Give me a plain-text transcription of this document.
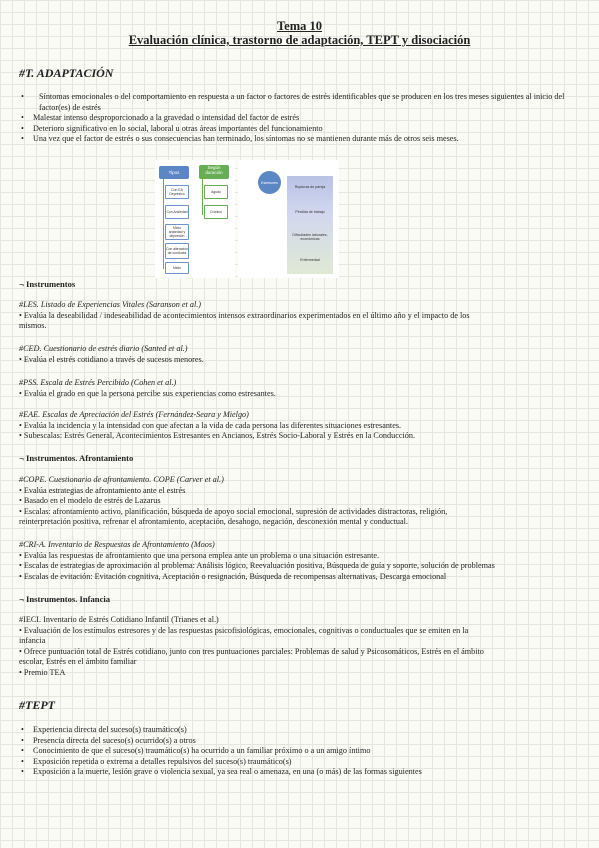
Tema 10
Evaluación clínica, trastorno de adaptación, TEPT y disociación
#T. ADAPTACIÓN
• Síntomas emocionales o del comportamiento en respuesta a un factor o factores de estrés identificables que se producen en los tres meses siguientes al inicio del factor(es) de estrés
• Malestar intenso desproporcionado a la gravedad o intensidad del factor de estrés
• Deterioro significativo en lo social, laboral u otras áreas importantes del funcionamiento
• Una vez que el factor de estrés o sus consecuencias han terminado, los síntomas no se mantienen durante más de otros seis meses.
Tipos
Según duración
Con EA Depresivo
Con Ansiedad
Mixto ansiedad y depresión
Con alteración de conducta
Mixto
Agudo
Crónico
Estresores
Rupturas de pareja
Pérdida de trabajo
Dificultades laborales, económicas
Enfermedad
¬ Instrumentos
#LES. Listado de Experiencias Vitales (Saranson et al.)
• Evalúa la deseabilidad / indeseabilidad de acontecimientos intensos extraordinarios experimentados en el último año y el impacto de los
mismos.
#CED. Cuestionario de estrés diario (Santed et al.)
• Evalúa el estrés cotidiano a través de sucesos menores.
#PSS. Escala de Estrés Percibido (Cohen et al.)
• Evalúa el grado en que la persona percibe sus experiencias como estresantes.
#EAE. Escalas de Apreciación del Estrés (Fernández-Seara y Mielgo)
• Evalúa la incidencia y la intensidad con que afectan a la vida de cada persona las diferentes situaciones estresantes.
• Subescalas: Estrés General, Acontecimientos Estresantes en Ancianos, Estrés Socio-Laboral y Estrés en la Conducción.
¬ Instrumentos. Afrontamiento
#COPE. Cuestionario de afrontamiento. COPE (Carver et al.)
• Evalúa estrategias de afrontamiento ante el estrés
• Basado en el modelo de estrés de Lazarus
• Escalas: afrontamiento activo, planificación, búsqueda de apoyo social emocional, supresión de actividades distractoras, religión,
reinterpretación positiva, refrenar el afrontamiento, aceptación, desahogo, negación, desconexión mental y conductual.
#CRI-A. Inventario de Respuestas de Afrontamiento (Moos)
• Evalúa las respuestas de afrontamiento que una persona emplea ante un problema o una situación estresante.
• Escalas de estrategias de aproximación al problema: Análisis lógico, Reevaluación positiva, Búsqueda de guía y soporte, solución de problemas
• Escalas de evitación: Evitación cognitiva, Aceptación o resignación, Búsqueda de recompensas alternativas, Descarga emocional
¬ Instrumentos. Infancia
#IECI. Inventario de Estrés Cotidiano Infantil (Trianes et al.)
• Evaluación de los estímulos estresores y de las respuestas psicofisiológicas, emocionales, cognitivas o conductuales que se emiten en la
infancia
• Ofrece puntuación total de Estrés cotidiano, junto con tres puntuaciones parciales: Problemas de salud y Psicosomáticos, Estrés en el ámbito
escolar, Estrés en el ámbito familiar
• Premio TEA
#TEPT
• Experiencia directa del suceso(s) traumático(s)
• Presencia directa del suceso(s) ocurrido(s) a otros
• Conocimiento de que el suceso(s) traumático(s) ha ocurrido a un familiar próximo o a un amigo íntimo
• Exposición repetida o extrema a detalles repulsivos del suceso(s) traumático(s)
• Exposición a la muerte, lesión grave o violencia sexual, ya sea real o amenaza, en una (o más) de las formas siguientes
